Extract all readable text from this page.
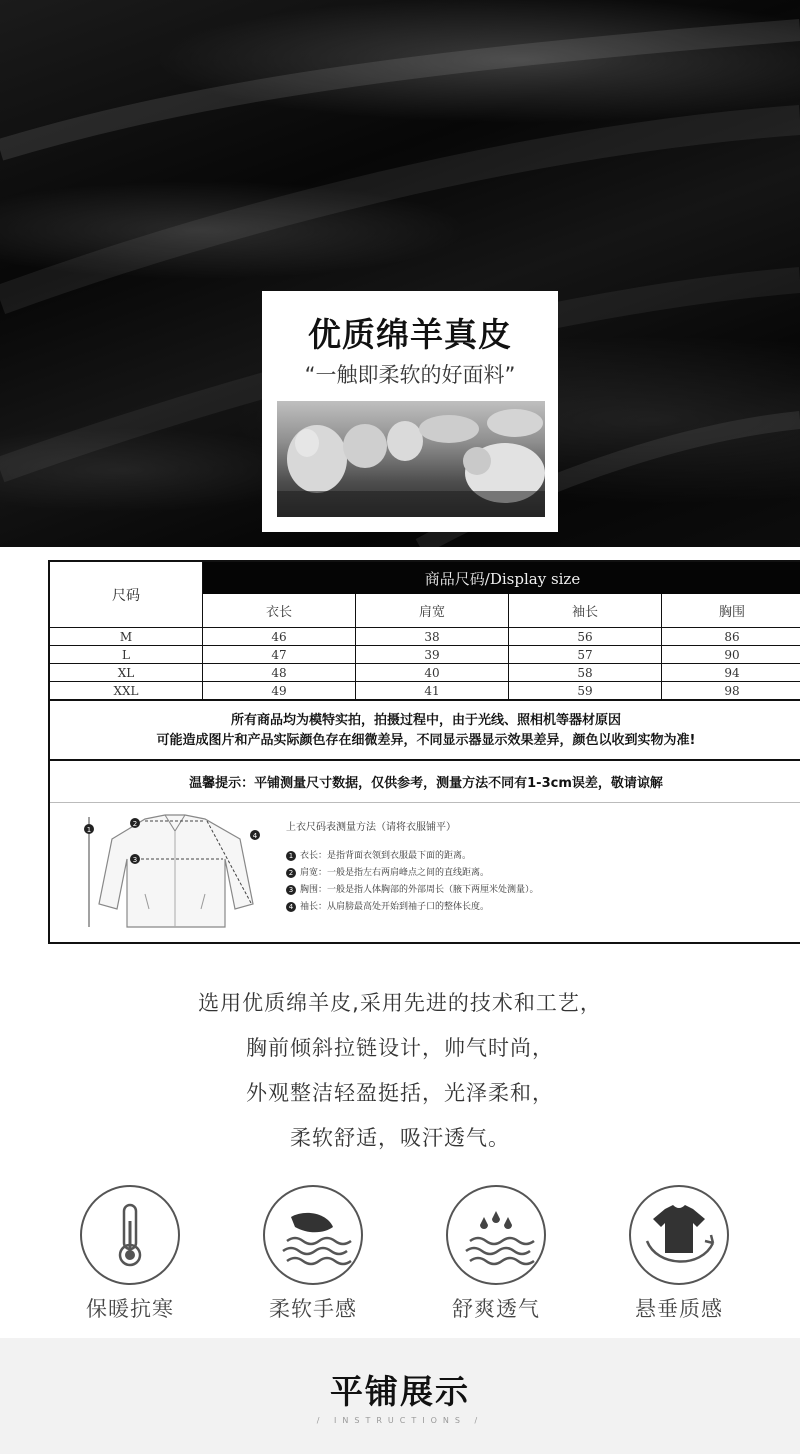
优质绵羊真皮
“一触即柔软的好面料”
尺码
商品尺码/Display size
衣长	肩宽	袖长	胸围
M	46	38	56	86
L	47	39	57	90
XL	48	40	58	94
XXL	49	41	59	98
所有商品均为模特实拍，拍摄过程中，由于光线、照相机等器材原因
可能造成图片和产品实际颜色存在细微差异，不同显示器显示效果差异，颜色以收到实物为准!
温馨提示：平铺测量尺寸数据，仅供参考，测量方法不同有1-3cm误差，敬请谅解
1
2
3
4
上衣尺码表测量方法（请将衣服铺平）
1 衣长：是指背面衣领到衣服最下面的距离。
2 肩宽：一般是指左右两肩峰点之间的直线距离。
3 胸围：一般是指人体胸部的外部周长（腋下两厘米处测量）。
4 袖长：从肩膀最高处开始到袖子口的整体长度。
选用优质绵羊皮,采用先进的技术和工艺，
胸前倾斜拉链设计，帅气时尚，
外观整洁轻盈挺括，光泽柔和，
柔软舒适，吸汗透气。
保暖抗寒	柔软手感	舒爽透气	悬垂质感
平铺展示
/ INSTRUCTIONS /
